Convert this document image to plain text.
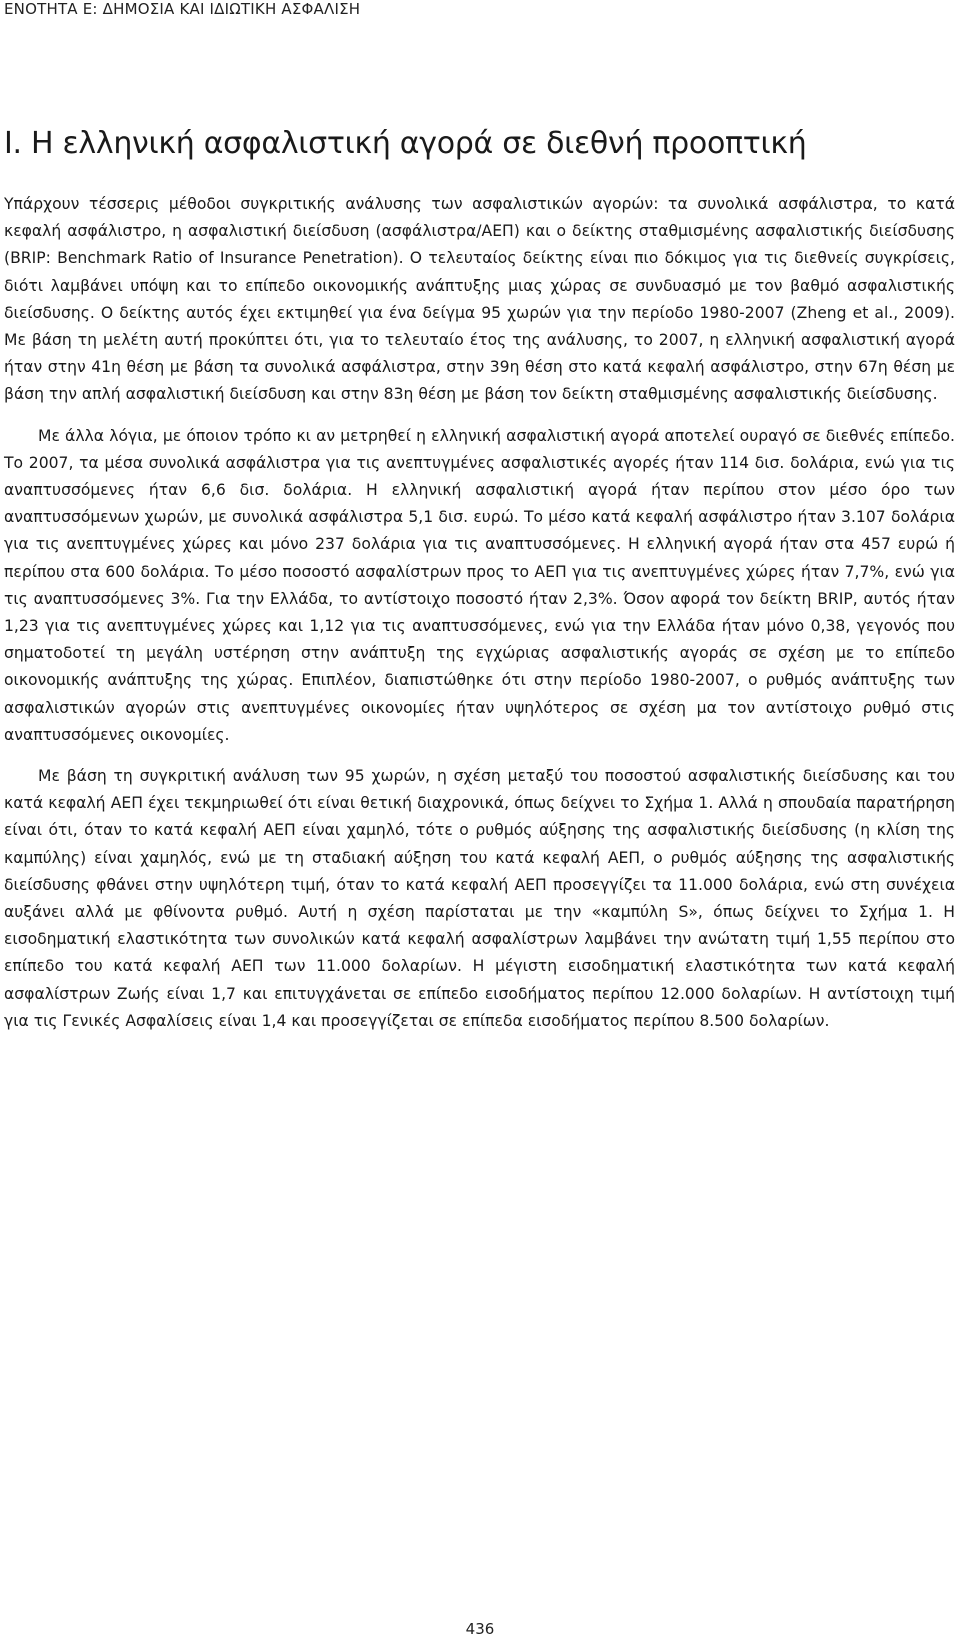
ΕΝΟΤΗΤΑ Ε: ΔΗΜΟΣΙΑ ΚΑΙ ΙΔΙΩΤΙΚΗ ΑΣΦΑΛΙΣΗ
I. Η ελληνική ασφαλιστική αγορά σε διεθνή προοπτική

Υπάρχουν τέσσερις μέθοδοι συγκριτικής ανάλυσης των ασφαλιστικών αγορών: τα συνολικά ασφάλιστρα, το κατά κεφαλή ασφάλιστρο, η ασφαλιστική διείσδυση (ασφάλιστρα/ΑΕΠ) και ο δείκτης σταθμισμένης ασφαλιστικής διείσδυσης (BRIP: Benchmark Ratio of Insurance Penetration). Ο τελευταίος δείκτης είναι πιο δόκιμος για τις διεθνείς συγκρίσεις, διότι λαμβάνει υπόψη και το επίπεδο οικονομικής ανάπτυξης μιας χώρας σε συνδυασμό με τον βαθμό ασφαλιστικής διείσδυσης. Ο δείκτης αυτός έχει εκτιμηθεί για ένα δείγμα 95 χωρών για την περίοδο 1980-2007 (Zheng et al., 2009). Με βάση τη μελέτη αυτή προκύπτει ότι, για το τελευταίο έτος της ανάλυσης, το 2007, η ελληνική ασφαλιστική αγορά ήταν στην 41η θέση με βάση τα συνολικά ασφάλιστρα, στην 39η θέση στο κατά κεφαλή ασφάλιστρο, στην 67η θέση με βάση την απλή ασφαλιστική διείσδυση και στην 83η θέση με βάση τον δείκτη σταθμισμένης ασφαλιστικής διείσδυσης.

Με άλλα λόγια, με όποιον τρόπο κι αν μετρηθεί η ελληνική ασφαλιστική αγορά αποτελεί ουραγό σε διεθνές επίπεδο. Το 2007, τα μέσα συνολικά ασφάλιστρα για τις ανεπτυγμένες ασφαλιστικές αγορές ήταν 114 δισ. δολάρια, ενώ για τις αναπτυσσόμενες ήταν 6,6 δισ. δολάρια. Η ελληνική ασφαλιστική αγορά ήταν περίπου στον μέσο όρο των αναπτυσσόμενων χωρών, με συνολικά ασφάλιστρα 5,1 δισ. ευρώ. Το μέσο κατά κεφαλή ασφάλιστρο ήταν 3.107 δολάρια για τις ανεπτυγμένες χώρες και μόνο 237 δολάρια για τις αναπτυσσόμενες. Η ελληνική αγορά ήταν στα 457 ευρώ ή περίπου στα 600 δολάρια. Το μέσο ποσοστό ασφαλίστρων προς το ΑΕΠ για τις ανεπτυγμένες χώρες ήταν 7,7%, ενώ για τις αναπτυσσόμενες 3%. Για την Ελλάδα, το αντίστοιχο ποσοστό ήταν 2,3%. Όσον αφορά τον δείκτη BRIP, αυτός ήταν 1,23 για τις ανεπτυγμένες χώρες και 1,12 για τις αναπτυσσόμενες, ενώ για την Ελλάδα ήταν μόνο 0,38, γεγονός που σηματοδοτεί τη μεγάλη υστέρηση στην ανάπτυξη της εγχώριας ασφαλιστικής αγοράς σε σχέση με το επίπεδο οικονομικής ανάπτυξης της χώρας. Επιπλέον, διαπιστώθηκε ότι στην περίοδο 1980-2007, ο ρυθμός ανάπτυξης των ασφαλιστικών αγορών στις ανεπτυγμένες οικονομίες ήταν υψηλότερος σε σχέση μα τον αντίστοιχο ρυθμό στις αναπτυσσόμενες οικονομίες.

Με βάση τη συγκριτική ανάλυση των 95 χωρών, η σχέση μεταξύ του ποσοστού ασφαλιστικής διείσδυσης και του κατά κεφαλή ΑΕΠ έχει τεκμηριωθεί ότι είναι θετική διαχρονικά, όπως δείχνει το Σχήμα 1. Αλλά η σπουδαία παρατήρηση είναι ότι, όταν το κατά κεφαλή ΑΕΠ είναι χαμηλό, τότε ο ρυθμός αύξησης της ασφαλιστικής διείσδυσης (η κλίση της καμπύλης) είναι χαμηλός, ενώ με τη σταδιακή αύξηση του κατά κεφαλή ΑΕΠ, ο ρυθμός αύξησης της ασφαλιστικής διείσδυσης φθάνει στην υψηλότερη τιμή, όταν το κατά κεφαλή ΑΕΠ προσεγγίζει τα 11.000 δολάρια, ενώ στη συνέχεια αυξάνει αλλά με φθίνοντα ρυθμό. Αυτή η σχέση παρίσταται με την «καμπύλη S», όπως δείχνει το Σχήμα 1. Η εισοδηματική ελαστικότητα των συνολικών κατά κεφαλή ασφαλίστρων λαμβάνει την ανώτατη τιμή 1,55 περίπου στο επίπεδο του κατά κεφαλή ΑΕΠ των 11.000 δολαρίων. Η μέγιστη εισοδηματική ελαστικότητα των κατά κεφαλή ασφαλίστρων Ζωής είναι 1,7 και επιτυγχάνεται σε επίπεδο εισοδήματος περίπου 12.000 δολαρίων. Η αντίστοιχη τιμή για τις Γενικές Ασφαλίσεις είναι 1,4 και προσεγγίζεται σε επίπεδα εισοδήματος περίπου 8.500 δολαρίων.

436
